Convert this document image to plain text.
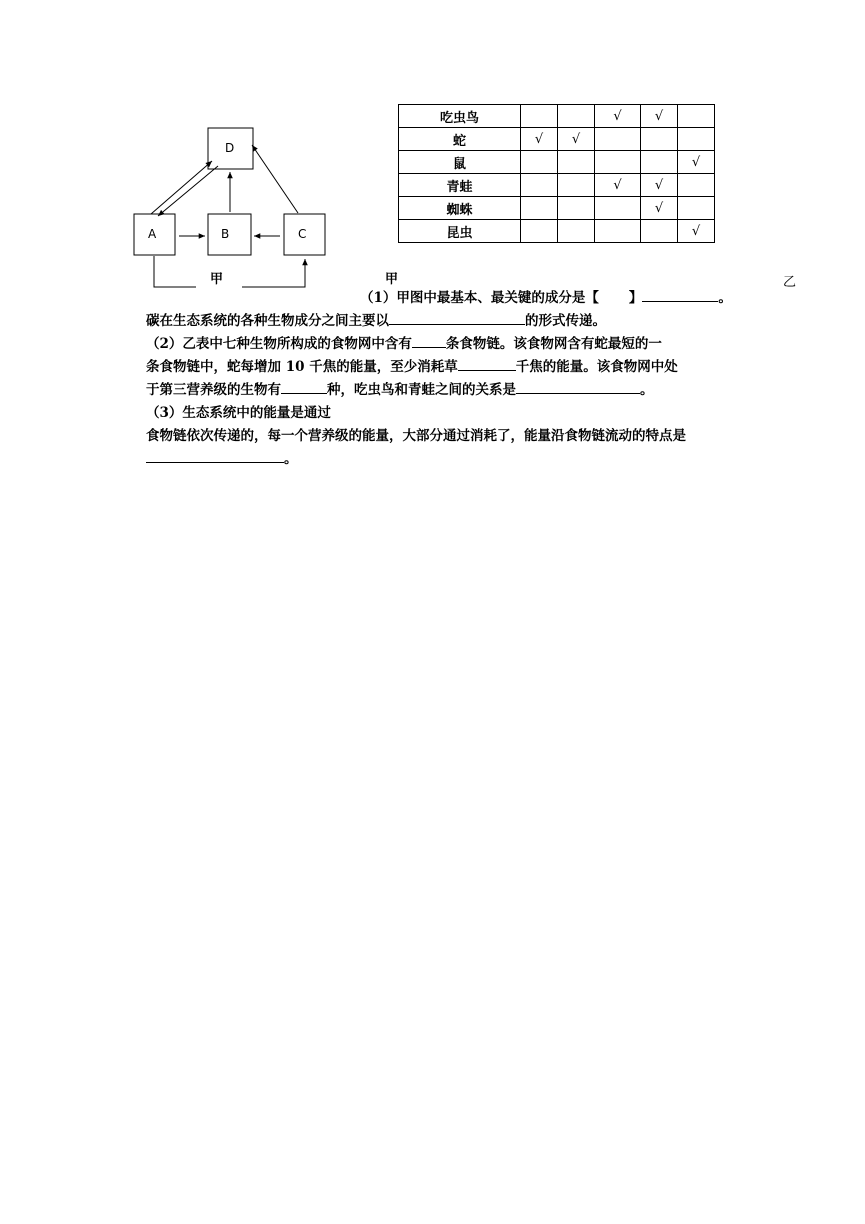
D
A	B	C
甲
吃虫鸟			√	√	
蛇	√	√			
鼠					√
青蛙			√	√	
蜘蛛				√	
昆虫					√
甲	乙
（1）甲图中最基本、最关键的成分是【 】	。
碳在生态系统的各种生物成分之间主要以	的形式传递。
（2）乙表中七种生物所构成的食物网中含有	条食物链。该食物网含有蛇最短的一
条食物链中，蛇每增加 10 千焦的能量，至少消耗草	千焦的能量。该食物网中处
于第三营养级的生物有	种，吃虫鸟和青蛙之间的关系是	。
（3）生态系统中的能量是通过
食物链依次传递的，每一个营养级的能量，大部分通过消耗了，能量沿食物链流动的特点是。
